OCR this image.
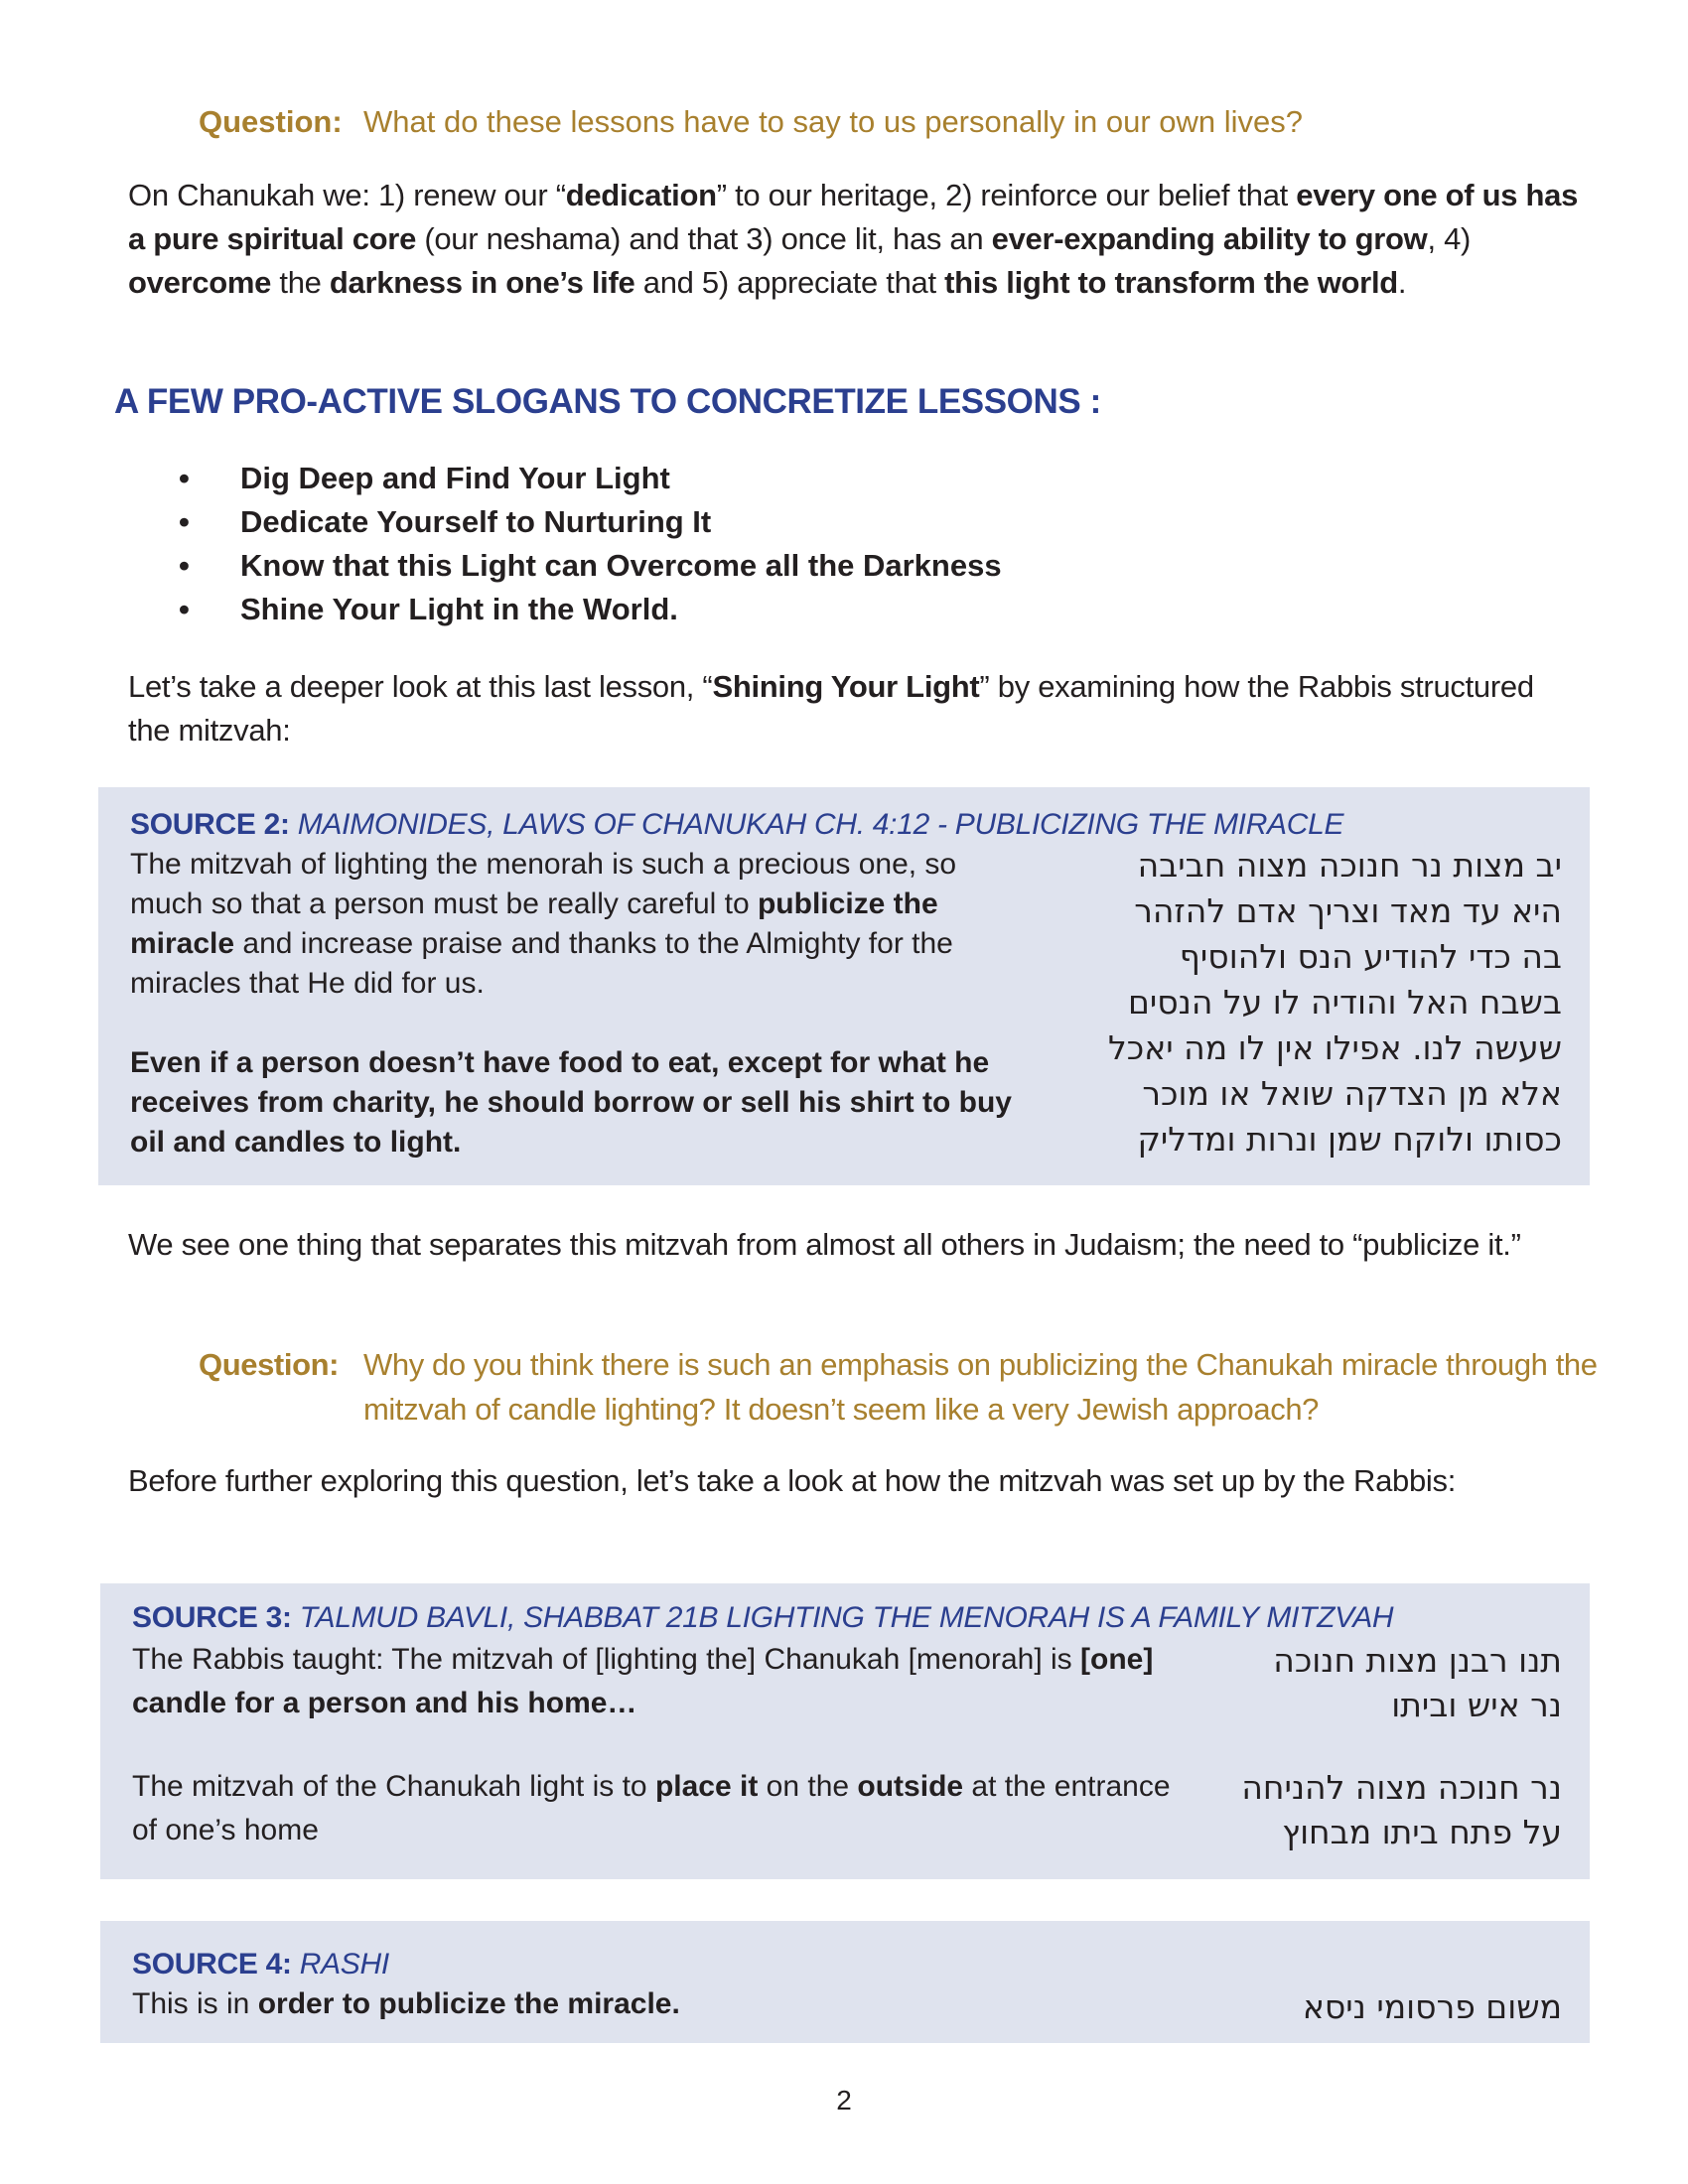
Question: What do these lessons have to say to us personally in our own lives?

On Chanukah we: 1) renew our “dedication” to our heritage, 2) reinforce our belief that every one of us has a pure spiritual core (our neshama) and that 3) once lit, has an ever-expanding ability to grow, 4) overcome the darkness in one’s life and 5) appreciate that this light to transform the world.

A FEW PRO-ACTIVE SLOGANS TO CONCRETIZE LESSONS :
•	Dig Deep and Find Your Light
•	Dedicate Yourself to Nurturing It
•	Know that this Light can Overcome all the Darkness
•	Shine Your Light in the World.

Let’s take a deeper look at this last lesson, “Shining Your Light” by examining how the Rabbis structured the mitzvah:

SOURCE 2: MAIMONIDES, LAWS OF CHANUKAH CH. 4:12 - PUBLICIZING THE MIRACLE
The mitzvah of lighting the menorah is such a precious one, so much so that a person must be really careful to publicize the miracle and increase praise and thanks to the Almighty for the miracles that He did for us.
Even if a person doesn’t have food to eat, except for what he receives from charity, he should borrow or sell his shirt to buy oil and candles to light.
יב מצות נר חנוכה מצוה חביבה
היא עד מאד וצריך אדם להזהר
בה כדי להודיע הנס ולהוסיף
בשבח האל והודיה לו על הנסים
שעשה לנו. אפילו אין לו מה יאכל
אלא מן הצדקה שואל או מוכר
כסותו ולוקח שמן ונרות ומדליק

We see one thing that separates this mitzvah from almost all others in Judaism; the need to “publicize it.”

Question: Why do you think there is such an emphasis on publicizing the Chanukah miracle through the mitzvah of candle lighting? It doesn’t seem like a very Jewish approach?

Before further exploring this question, let’s take a look at how the mitzvah was set up by the Rabbis:

SOURCE 3: TALMUD BAVLI, SHABBAT 21B LIGHTING THE MENORAH IS A FAMILY MITZVAH
The Rabbis taught: The mitzvah of [lighting the] Chanukah [menorah] is [one] candle for a person and his home…
תנו רבנן מצות חנוכה
נר איש וביתו
The mitzvah of the Chanukah light is to place it on the outside at the entrance of one’s home
נר חנוכה מצוה להניחה
על פתח ביתו מבחוץ
SOURCE 4: RASHI
This is in order to publicize the miracle.	משום פרסומי ניסא
2
